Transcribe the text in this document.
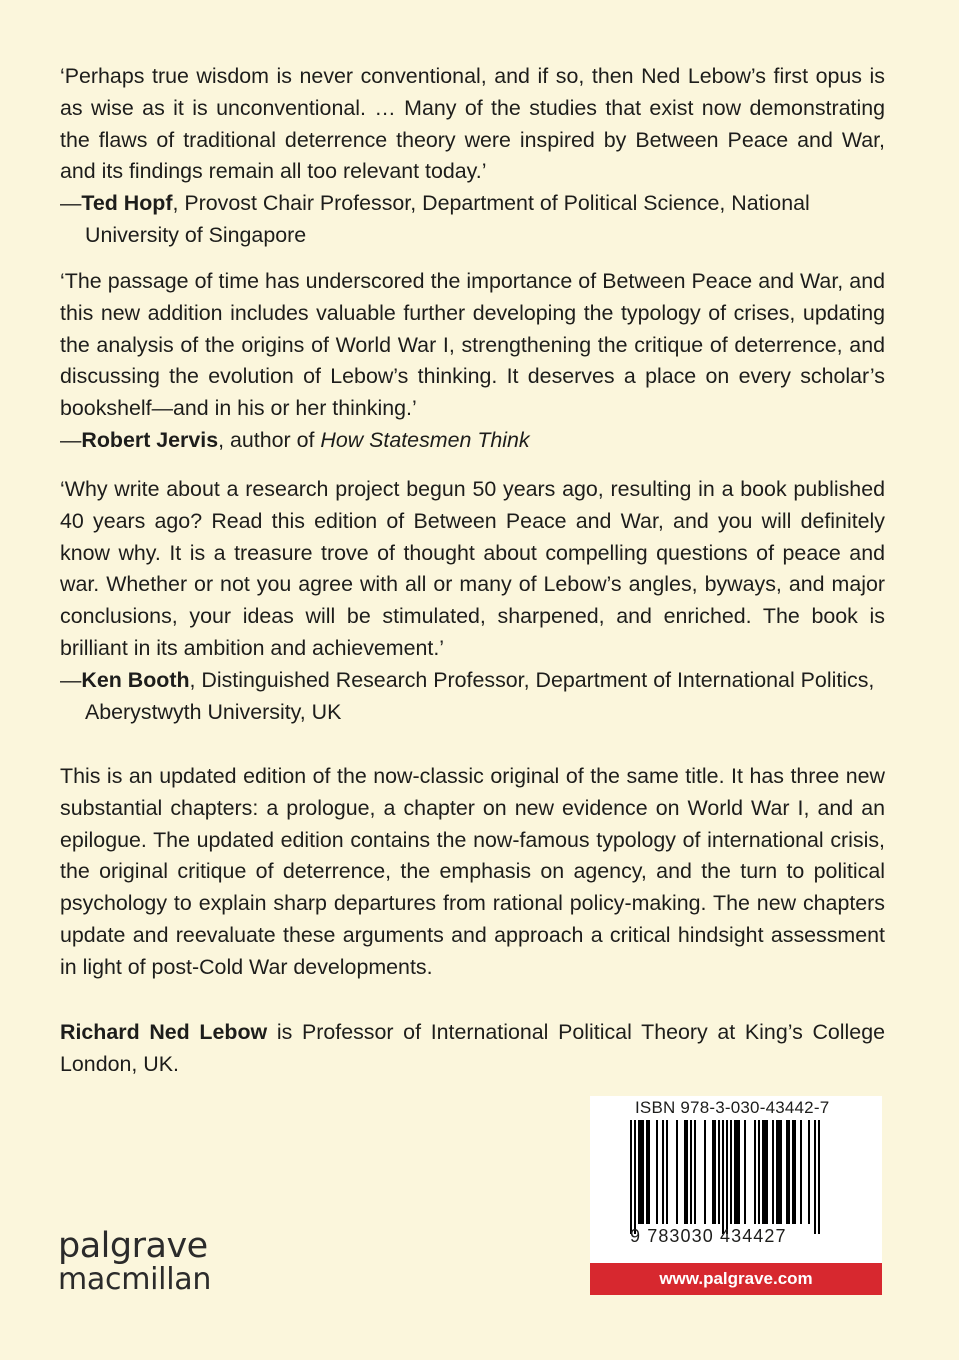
‘Perhaps true wisdom is never conventional, and if so, then Ned Lebow’s first opus is as wise as it is unconventional. … Many of the studies that exist now demonstrating the flaws of traditional deterrence theory were inspired by Between Peace and War, and its findings remain all too relevant today.’

—Ted Hopf, Provost Chair Professor, Department of Political Science, National University of Singapore

‘The passage of time has underscored the importance of Between Peace and War, and this new addition includes valuable further developing the typology of crises, updating the analysis of the origins of World War I, strengthening the critique of deterrence, and discussing the evolution of Lebow’s thinking. It deserves a place on every scholar’s bookshelf—and in his or her thinking.’

—Robert Jervis, author of How Statesmen Think

‘Why write about a research project begun 50 years ago, resulting in a book published 40 years ago? Read this edition of Between Peace and War, and you will definitely know why. It is a treasure trove of thought about compelling questions of peace and war. Whether or not you agree with all or many of Lebow’s angles, byways, and major conclusions, your ideas will be stimulated, sharpened, and enriched. The book is brilliant in its ambition and achievement.’

—Ken Booth, Distinguished Research Professor, Department of International Politics, Aberystwyth University, UK

This is an updated edition of the now-classic original of the same title. It has three new substantial chapters: a prologue, a chapter on new evidence on World War I, and an epilogue. The updated edition contains the now-famous typology of international crisis, the original critique of deterrence, the emphasis on agency, and the turn to political psychology to explain sharp departures from rational policy-making. The new chapters update and reevaluate these arguments and approach a critical hindsight assessment in light of post-Cold War developments.

Richard Ned Lebow is Professor of International Political Theory at King’s College London, UK.

ISBN 978-3-030-43442-7
9 783030 434427
www.palgrave.com
palgrave
macmillan
